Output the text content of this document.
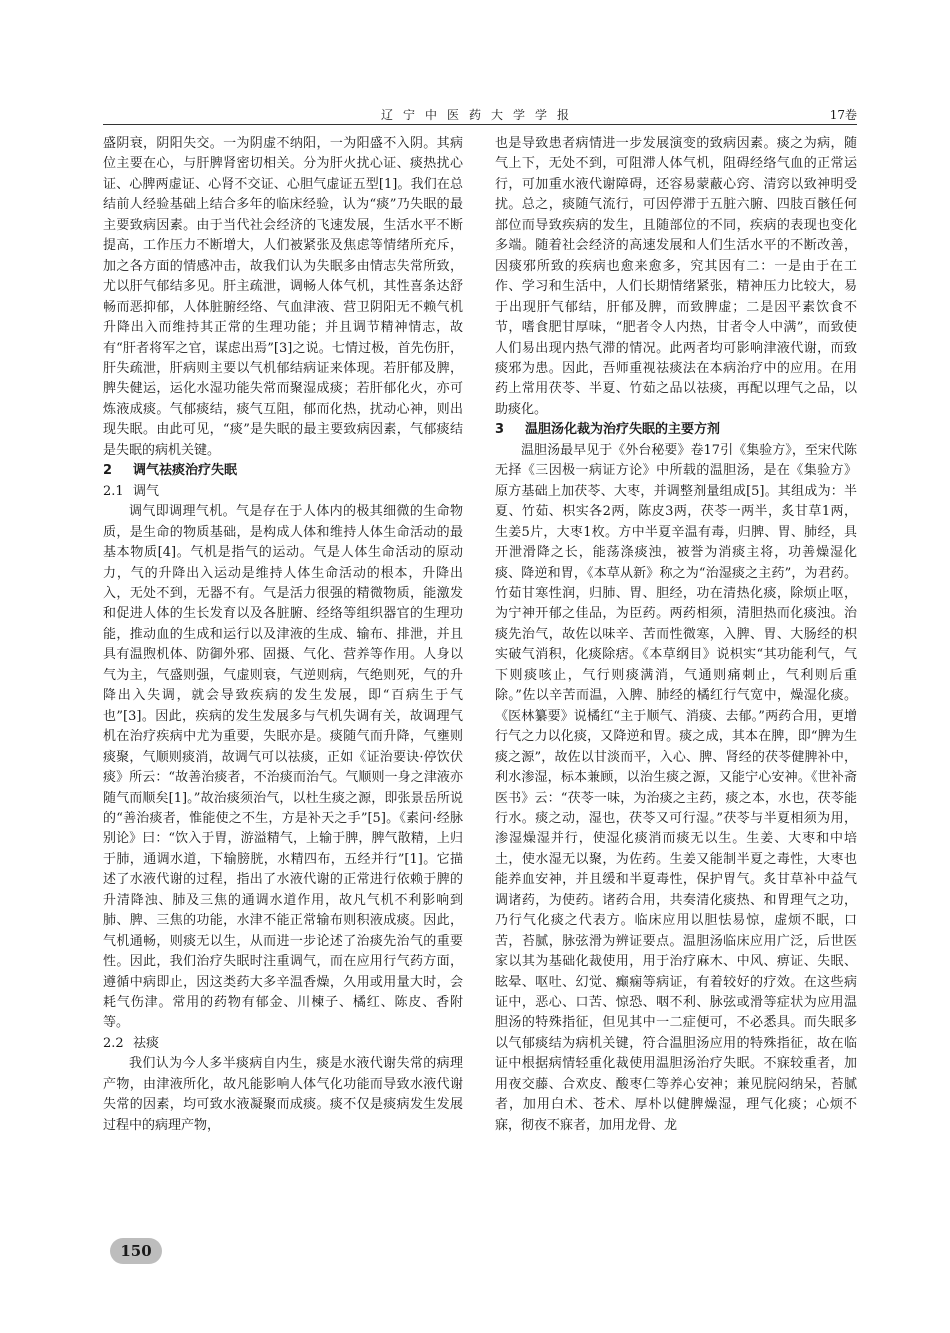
辽宁中医药大学学报	17卷

盛阴衰，阴阳失交。一为阴虚不纳阳，一为阳盛不入阴。其病位主要在心，与肝脾肾密切相关。分为肝火扰心证、痰热扰心证、心脾两虚证、心肾不交证、心胆气虚证五型[1]。我们在总结前人经验基础上结合多年的临床经验，认为“痰”乃失眠的最主要致病因素。由于当代社会经济的飞速发展，生活水平不断提高，工作压力不断增大，人们被紧张及焦虑等情绪所充斥，加之各方面的情感冲击，故我们认为失眠多由情志失常所致，尤以肝气郁结多见。肝主疏泄，调畅人体气机，其性喜条达舒畅而恶抑郁，人体脏腑经络、气血津液、营卫阴阳无不赖气机升降出入而维持其正常的生理功能；并且调节精神情志，故有“肝者将军之官，谋虑出焉”[3]之说。七情过极，首先伤肝，肝失疏泄，肝病则主要以气机郁结病证来体现。若肝郁及脾，脾失健运，运化水湿功能失常而聚湿成痰；若肝郁化火，亦可炼液成痰。气郁痰结，痰气互阻，郁而化热，扰动心神，则出现失眠。由此可见，“痰”是失眠的最主要致病因素，气郁痰结是失眠的病机关键。

2 调气祛痰治疗失眠
2.1 调气

调气即调理气机。气是存在于人体内的极其细微的生命物质，是生命的物质基础，是构成人体和维持人体生命活动的最基本物质[4]。气机是指气的运动。气是人体生命活动的原动力，气的升降出入运动是维持人体生命活动的根本，升降出入，无处不到，无器不有。气是活力很强的精微物质，能激发和促进人体的生长发育以及各脏腑、经络等组织器官的生理功能，推动血的生成和运行以及津液的生成、输布、排泄，并且具有温煦机体、防御外邪、固摄、气化、营养等作用。人身以气为主，气盛则强，气虚则衰，气逆则病，气绝则死，气的升降出入失调，就会导致疾病的发生发展，即“百病生于气也”[3]。因此，疾病的发生发展多与气机失调有关，故调理气机在治疗疾病中尤为重要，失眠亦是。痰随气而升降，气壅则痰聚，气顺则痰消，故调气可以祛痰，正如《证治要诀·停饮伏痰》所云：“故善治痰者，不治痰而治气。气顺则一身之津液亦随气而顺矣[1]。”故治痰须治气，以杜生痰之源，即张景岳所说的“善治痰者，惟能使之不生，方是补天之手”[5]。《素问·经脉别论》曰：“饮入于胃，游溢精气，上输于脾，脾气散精，上归于肺，通调水道，下输膀胱，水精四布，五经并行”[1]。它描述了水液代谢的过程，指出了水液代谢的正常进行依赖于脾的升清降浊、肺及三焦的通调水道作用，故凡气机不利影响到肺、脾、三焦的功能，水津不能正常输布则积液成痰。因此，气机通畅，则痰无以生，从而进一步论述了治痰先治气的重要性。因此，我们治疗失眠时注重调气，而在应用行气药方面，遵循中病即止，因这类药大多辛温香燥，久用或用量大时，会耗气伤津。常用的药物有郁金、川楝子、橘红、陈皮、香附等。

2.2 祛痰

我们认为今人多半痰病自内生，痰是水液代谢失常的病理产物，由津液所化，故凡能影响人体气化功能而导致水液代谢失常的因素，均可致水液凝聚而成痰。痰不仅是痰病发生发展过程中的病理产物，

也是导致患者病情进一步发展演变的致病因素。痰之为病，随气上下，无处不到，可阻滞人体气机，阻碍经络气血的正常运行，可加重水液代谢障碍，还容易蒙蔽心窍、清窍以致神明受扰。总之，痰随气流行，可因停滞于五脏六腑、四肢百骸任何部位而导致疾病的发生，且随部位的不同，疾病的表现也变化多端。随着社会经济的高速发展和人们生活水平的不断改善，因痰邪所致的疾病也愈来愈多，究其因有二：一是由于在工作、学习和生活中，人们长期情绪紧张，精神压力比较大，易于出现肝气郁结，肝郁及脾，而致脾虚；二是因平素饮食不节，嗜食肥甘厚味，“肥者令人内热，甘者令人中满”，而致使人们易出现内热气滞的情况。此两者均可影响津液代谢，而致痰邪为患。因此，吾师重视祛痰法在本病治疗中的应用。在用药上常用茯苓、半夏、竹茹之品以祛痰，再配以理气之品，以助痰化。

3 温胆汤化裁为治疗失眠的主要方剂

温胆汤最早见于《外台秘要》卷17引《集验方》，至宋代陈无择《三因极一病证方论》中所载的温胆汤，是在《集验方》原方基础上加茯苓、大枣，并调整剂量组成[5]。其组成为：半夏、竹茹、枳实各2两，陈皮3两，茯苓一两半，炙甘草1两，生姜5片，大枣1枚。方中半夏辛温有毒，归脾、胃、肺经，具开泄滑降之长，能荡涤痰浊，被誉为消痰主将，功善燥湿化痰、降逆和胃，《本草从新》称之为“治湿痰之主药”，为君药。竹茹甘寒性润，归肺、胃、胆经，功在清热化痰，除烦止呕，为宁神开郁之佳品，为臣药。两药相须，清胆热而化痰浊。治痰先治气，故佐以味辛、苦而性微寒，入脾、胃、大肠经的枳实破气消积，化痰除痞。《本草纲目》说枳实“其功能利气，气下则痰咳止，气行则痰满消，气通则痛刺止，气利则后重除。”佐以辛苦而温，入脾、肺经的橘红行气宽中，燥湿化痰。《医林纂要》说橘红“主于顺气、消痰、去郁。”两药合用，更增行气之力以化痰，又降逆和胃。痰之成，其本在脾，即“脾为生痰之源”，故佐以甘淡而平，入心、脾、肾经的茯苓健脾补中，利水渗湿，标本兼顾，以治生痰之源，又能宁心安神。《世补斋医书》云：“茯苓一味，为治痰之主药，痰之本，水也，茯苓能行水。痰之动，湿也，茯苓又可行湿。”茯苓与半夏相须为用，渗湿燥湿并行，使湿化痰消而痰无以生。生姜、大枣和中培土，使水湿无以聚，为佐药。生姜又能制半夏之毒性，大枣也能养血安神，并且缓和半夏毒性，保护胃气。炙甘草补中益气调诸药，为使药。诸药合用，共奏清化痰热、和胃理气之功，乃行气化痰之代表方。临床应用以胆怯易惊，虚烦不眠，口苦，苔腻，脉弦滑为辨证要点。温胆汤临床应用广泛，后世医家以其为基础化裁使用，用于治疗麻木、中风、痹证、失眠、眩晕、呕吐、幻觉、癫痫等病证，有着较好的疗效。在这些病证中，恶心、口苦、惊恐、咽不利、脉弦或滑等症状为应用温胆汤的特殊指征，但见其中一二症便可，不必悉具。而失眠多以气郁痰结为病机关键，符合温胆汤应用的特殊指征，故在临证中根据病情轻重化裁使用温胆汤治疗失眠。不寐较重者，加用夜交藤、合欢皮、酸枣仁等养心安神；兼见脘闷纳呆，苔腻者，加用白术、苍术、厚朴以健脾燥湿，理气化痰；心烦不寐，彻夜不寐者，加用龙骨、龙

150
